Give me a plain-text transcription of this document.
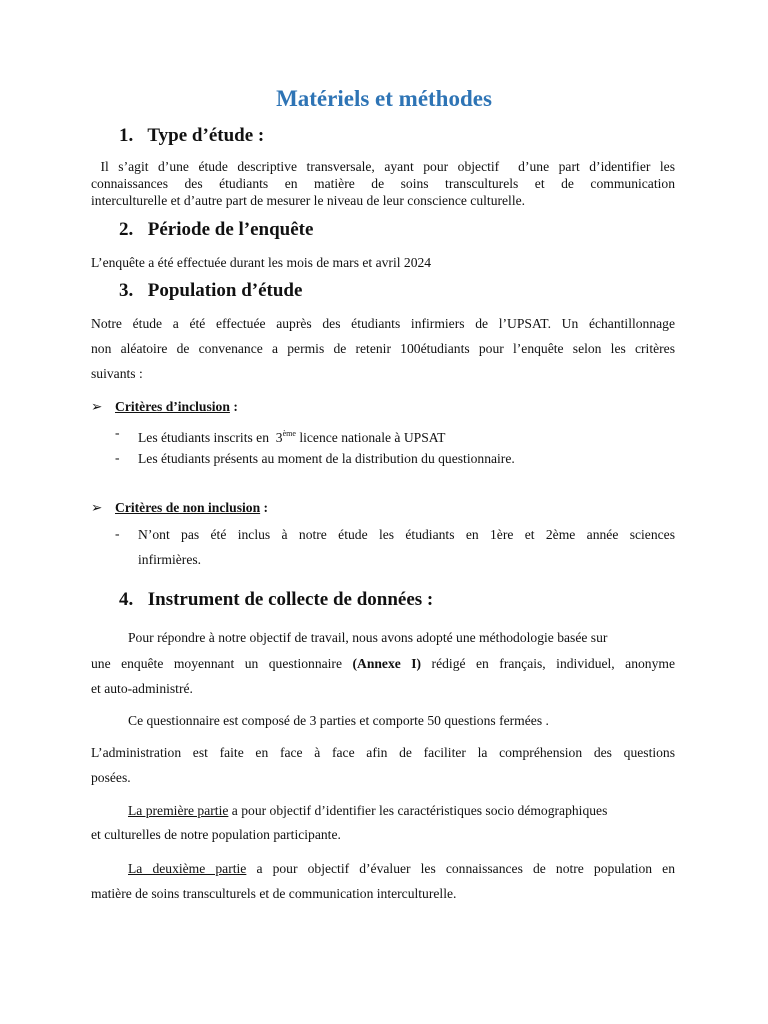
Matériels et méthodes
1. Type d’étude :
Il s’agit d’une étude descriptive transversale, ayant pour objectif  d’une part d’identifier les
connaissances des étudiants en matière de soins transculturels et de communication
interculturelle et d’autre part de mesurer le niveau de leur conscience culturelle.
2. Période de l’enquête
L’enquête a été effectuée durant les mois de mars et avril 2024
3. Population d’étude
Notre étude a été effectuée auprès des étudiants infirmiers de l’UPSAT. Un échantillonnage
non aléatoire de convenance a permis de retenir 100étudiants pour l’enquête selon les critères
suivants :
➢ Critères d’inclusion :
- Les étudiants inscrits en  3ème licence nationale à UPSAT
- Les étudiants présents au moment de la distribution du questionnaire.
➢ Critères de non inclusion :
- N’ont pas été inclus à notre étude les étudiants en 1ère et 2ème année sciences
infirmières.
4. Instrument de collecte de données :
Pour répondre à notre objectif de travail, nous avons adopté une méthodologie basée sur
une enquête moyennant un questionnaire (Annexe I) rédigé en français, individuel, anonyme
et auto-administré.
Ce questionnaire est composé de 3 parties et comporte 50 questions fermées .
L’administration est faite en face à face afin de faciliter la compréhension des questions
posées.
La première partie a pour objectif d’identifier les caractéristiques socio démographiques
et culturelles de notre population participante.
La deuxième partie a pour objectif d’évaluer les connaissances de notre population en
matière de soins transculturels et de communication interculturelle.
